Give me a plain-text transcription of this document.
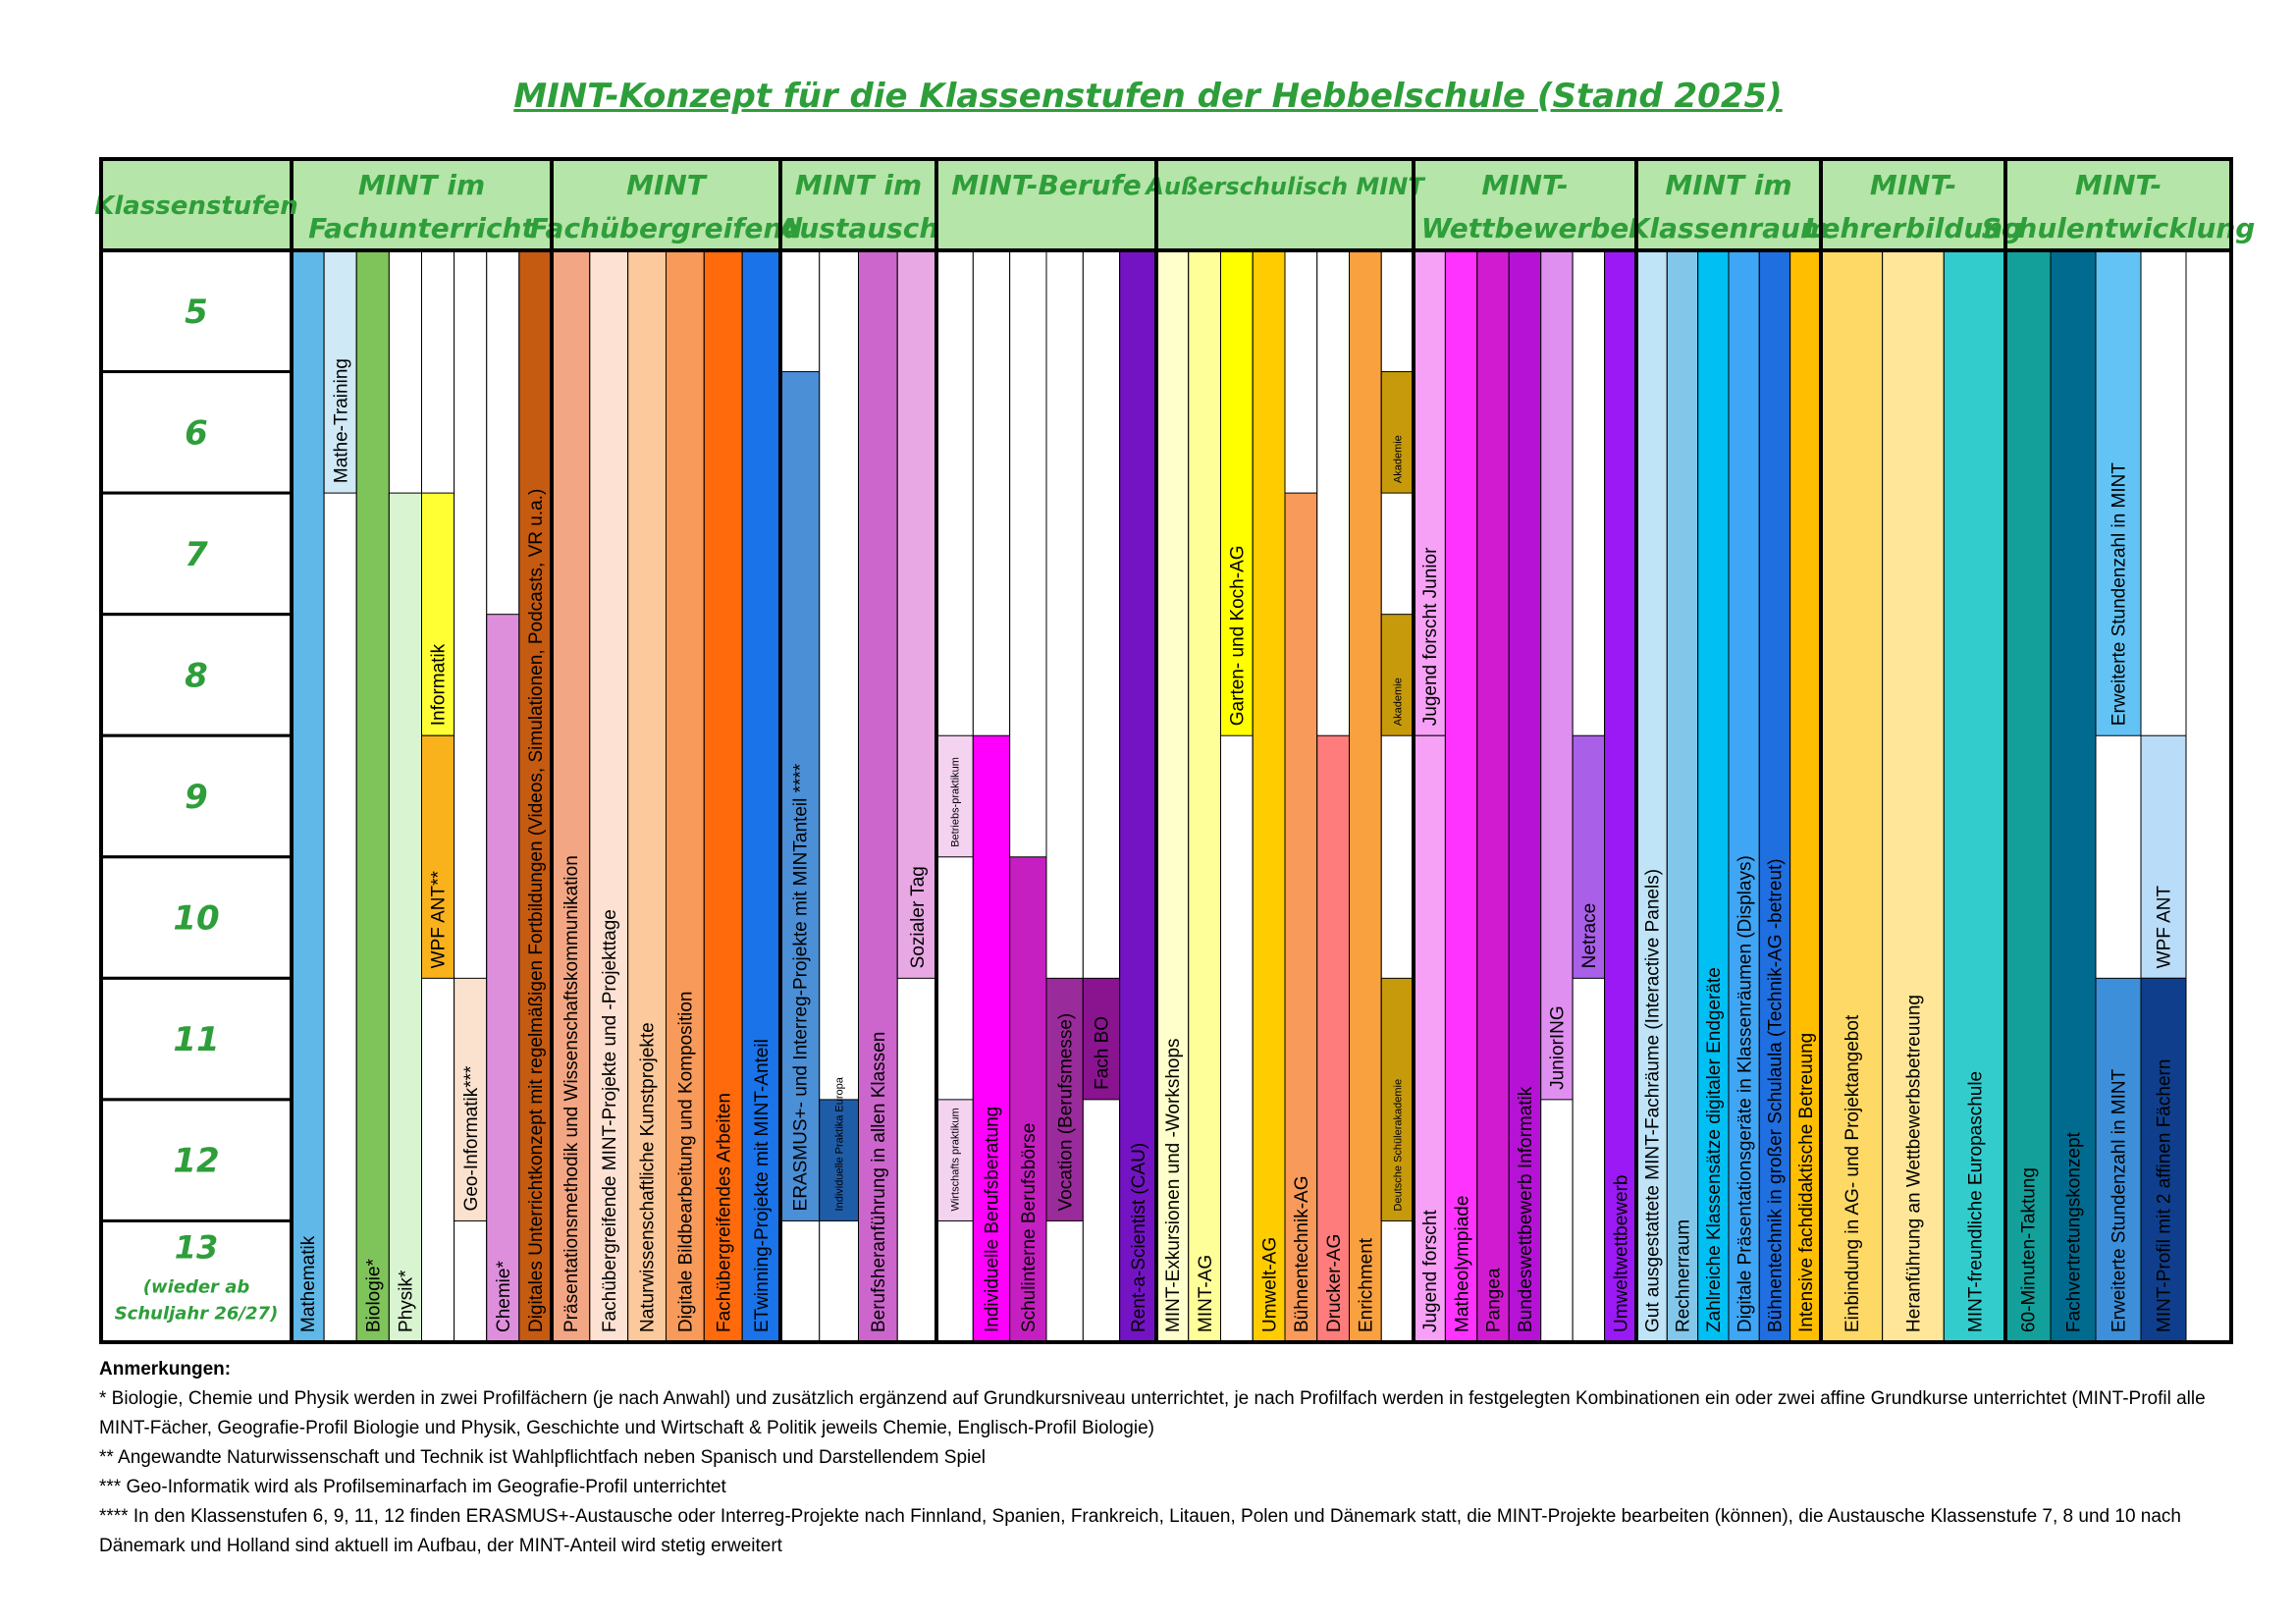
MINT-Konzept für die Klassenstufen der Hebbelschule (Stand 2025)
MINT im
Fachunterricht
Mathematik
Mathe-Training
Biologie* Physik*
Informatik
WPF ANT**
Geo-Informatik***
Chemie* Digitales Unterrichtkonzept mit regelmäßigen Fortbildungen (Videos, Simulationen, Podcasts, VR u.a.)
MINT
Fachübergreifend
Präsentationsmethodik und Wissenschaftskommunikation Fachübergreifende MINT-Projekte und -Projekttage Naturwissenschaftliche Kunstprojekte Digitale Bildbearbeitung und Komposition Fachübergreifendes Arbeiten ETwinning-Projekte mit MINT-Anteil
MINT im
Austausch
ERASMUS+- und Interreg-Projekte mit MINTanteil **** Individuelle Praktika Europa Berufsheranführung in allen Klassen
Sozialer Tag
MINT-Berufe
Betriebs-praktikum
Wirtschafts praktikum Individuelle Berufsberatung Schulinterne Berufsbörse
Vocation (Berufsmesse) Fach BO
Rent-a-Scientist (CAU)
Außerschulisch MINT
MINT-Exkursionen und -Workshops MINT-AG
Garten- und Koch-AG
Umwelt-AG Bühnentechnik-AG Drucker-AG Enrichment
Akademie
Akademie
Deutsche Schülerakademie
MINT-
Wettbewerbe
Jugend forscht Junior
Jugend forscht Matheolympiade Pangea Bundeswettbewerb Informatik
JuniorING
Netrace
Umweltwettbewerb
MINT im
Klassenraum
Gut ausgestattete MINT-Fachräume (Interactive Panels) Rechnerraum Zahlreiche Klassensätze digitaler Endgeräte Digitale Präsentationsgeräte in Klassenräumen (Displays) Bühnentechnik in großer Schulaula (Technik-AG -betreut) Intensive fachdidaktische Betreuung
MINT-
Lehrerbildung
Einbindung in AG- und Projektangebot Heranführung an Wettbewerbsbetreuung MINT-freundliche Europaschule
MINT-
Schulentwicklung
60-Minuten-Taktung Fachvertretungskonzept
Erweiterte Stundenzahl in MINT
Erweiterte Stundenzahl in MINT
WPF ANT
MINT-Profil mit 2 affinen Fächern
5
6
7
8
9
10
11
12
13
(wieder ab
Schuljahr 26/27)
Klassenstufen
Anmerkungen:
* Biologie, Chemie und Physik werden in zwei Profilfächern (je nach Anwahl) und zusätzlich ergänzend auf Grundkursniveau unterrichtet, je nach Profilfach werden in festgelegten Kombinationen ein oder zwei affine Grundkurse unterrichtet (MINT-Profil alle MINT-Fächer, Geografie-Profil Biologie und Physik, Geschichte und Wirtschaft & Politik jeweils Chemie, Englisch-Profil Biologie)
** Angewandte Naturwissenschaft und Technik ist Wahlpflichtfach neben Spanisch und Darstellendem Spiel
*** Geo-Informatik wird als Profilseminarfach im Geografie-Profil unterrichtet
**** In den Klassenstufen 6, 9, 11, 12 finden ERASMUS+-Austausche oder Interreg-Projekte nach Finnland, Spanien, Frankreich, Litauen, Polen und Dänemark statt, die MINT-Projekte bearbeiten (können), die Austausche Klassenstufe 7, 8 und 10 nach Dänemark und Holland sind aktuell im Aufbau, der MINT-Anteil wird stetig erweitert
